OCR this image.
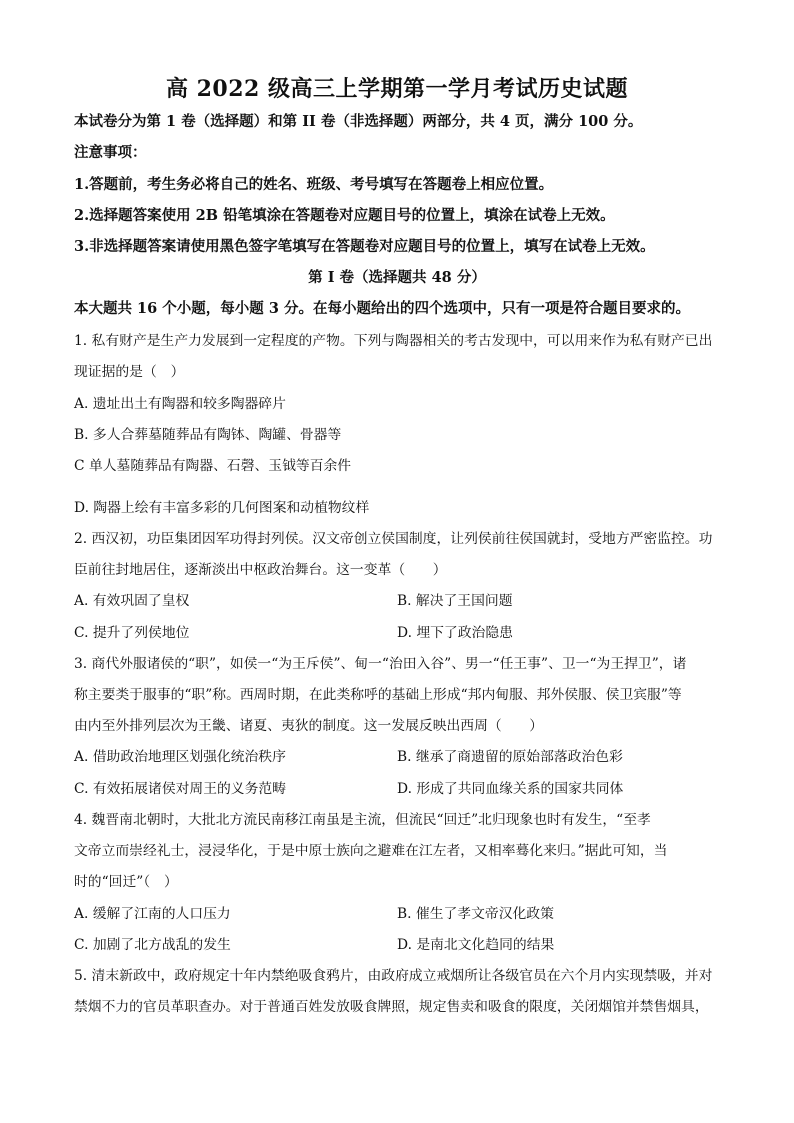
高 2022 级高三上学期第一学月考试历史试题
本试卷分为第 1 卷（选择题）和第 II 卷（非选择题）两部分，共 4 页，满分 100 分。
注意事项：
1.答题前，考生务必将自己的姓名、班级、考号填写在答题卷上相应位置。
2.选择题答案使用 2B 铅笔填涂在答题卷对应题目号的位置上，填涂在试卷上无效。
3.非选择题答案请使用黑色签字笔填写在答题卷对应题目号的位置上，填写在试卷上无效。
第 I 卷（选择题共 48 分）
本大题共 16 个小题，每小题 3 分。在每小题给出的四个选项中，只有一项是符合题目要求的。
1. 私有财产是生产力发展到一定程度的产物。下列与陶器相关的考古发现中，可以用来作为私有财产已出
现证据的是（　）
A. 遗址出土有陶器和较多陶器碎片
B. 多人合葬墓随葬品有陶钵、陶罐、骨器等
C 单人墓随葬品有陶器、石磬、玉钺等百余件
D. 陶器上绘有丰富多彩的几何图案和动植物纹样
2. 西汉初，功臣集团因军功得封列侯。汉文帝创立侯国制度，让列侯前往侯国就封，受地方严密监控。功
臣前往封地居住，逐渐淡出中枢政治舞台。这一变革（　　）
A. 有效巩固了皇权	B. 解决了王国问题
C. 提升了列侯地位	D. 埋下了政治隐患
3. 商代外服诸侯的“职”，如侯一“为王斥侯”、甸一“治田入谷”、男一“任王事”、卫一“为王捍卫”，诸
称主要类于服事的“职”称。西周时期，在此类称呼的基础上形成“邦内甸服、邦外侯服、侯卫宾服”等
由内至外排列层次为王畿、诸夏、夷狄的制度。这一发展反映出西周（　　）
A. 借助政治地理区划强化统治秩序	B. 继承了商遗留的原始部落政治色彩
C. 有效拓展诸侯对周王的义务范畴	D. 形成了共同血缘关系的国家共同体
4. 魏晋南北朝时，大批北方流民南移江南虽是主流，但流民“回迁”北归现象也时有发生，“至孝
文帝立而崇经礼士，浸浸华化，于是中原士族向之避难在江左者，又相率蓦化来归。”据此可知，当
时的“回迁”（　）
A. 缓解了江南的人口压力	B. 催生了孝文帝汉化政策
C. 加剧了北方战乱的发生	D. 是南北文化趋同的结果
5. 清末新政中，政府规定十年内禁绝吸食鸦片，由政府成立戒烟所让各级官员在六个月内实现禁吸，并对
禁烟不力的官员革职查办。对于普通百姓发放吸食牌照，规定售卖和吸食的限度，关闭烟馆并禁售烟具，
